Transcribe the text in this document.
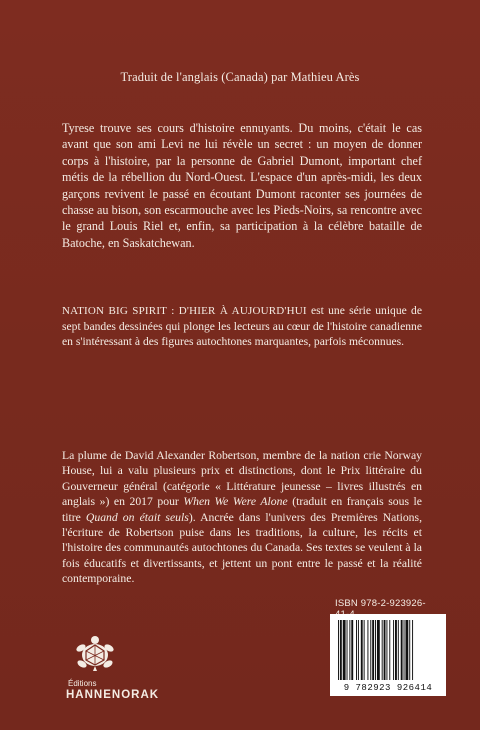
Traduit de l'anglais (Canada) par Mathieu Arès

Tyrese trouve ses cours d'histoire ennuyants. Du moins, c'était le cas avant que son ami Levi ne lui révèle un secret : un moyen de donner corps à l'histoire, par la personne de Gabriel Dumont, important chef métis de la rébellion du Nord-Ouest. L'espace d'un après-midi, les deux garçons revivent le passé en écoutant Dumont raconter ses journées de chasse au bison, son escarmouche avec les Pieds-Noirs, sa rencontre avec le grand Louis Riel et, enfin, sa participation à la célèbre bataille de Batoche, en Saskatchewan.

NATION BIG SPIRIT : D'HIER À AUJOURD'HUI est une série unique de sept bandes dessinées qui plonge les lecteurs au cœur de l'histoire canadienne en s'intéressant à des figures autochtones marquantes, parfois méconnues.

La plume de David Alexander Robertson, membre de la nation crie Norway House, lui a valu plusieurs prix et distinctions, dont le Prix littéraire du Gouverneur général (catégorie « Littérature jeunesse – livres illustrés en anglais ») en 2017 pour When We Were Alone (traduit en français sous le titre Quand on était seuls). Ancrée dans l'univers des Premières Nations, l'écriture de Robertson puise dans les traditions, la culture, les récits et l'histoire des communautés autochtones du Canada. Ses textes se veulent à la fois éducatifs et divertissants, et jettent un pont entre le passé et la réalité contemporaine.

Éditions
HANNENORAK
ISBN 978-2-923926-
9 782923 926414
